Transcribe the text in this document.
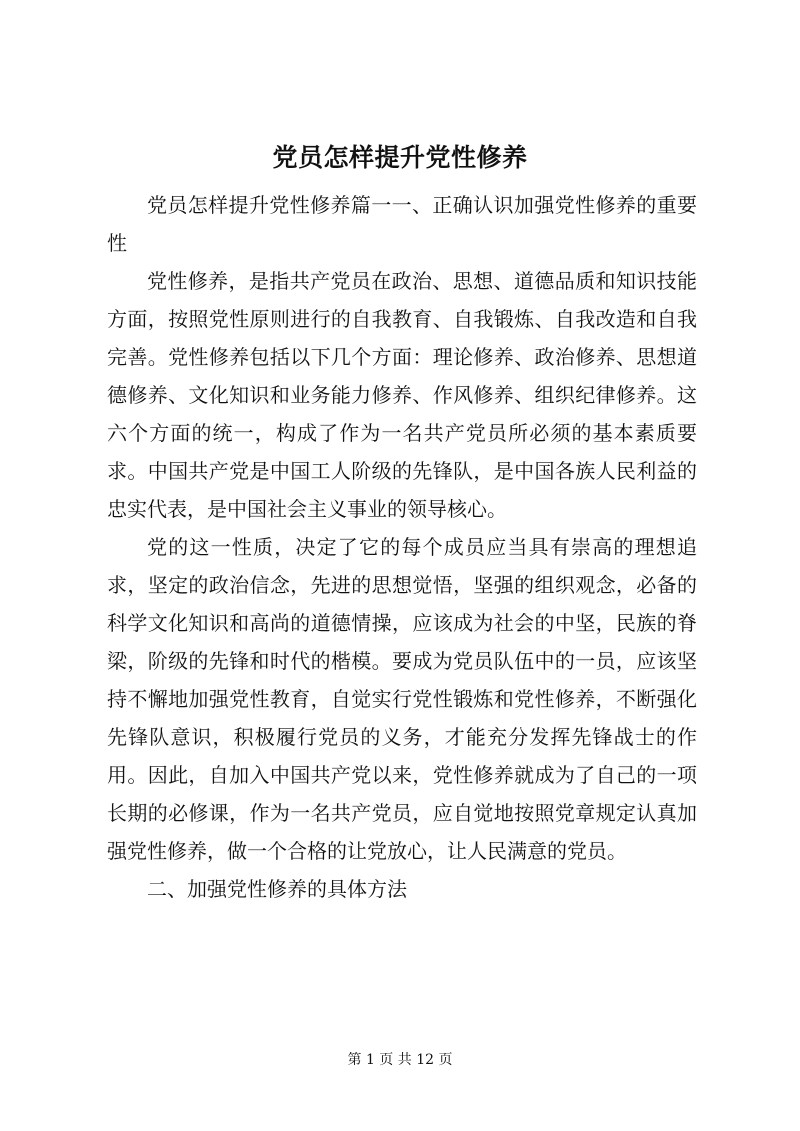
党员怎样提升党性修养

党员怎样提升党性修养篇一一、正确认识加强党性修养的重要性

党性修养，是指共产党员在政治、思想、道德品质和知识技能方面，按照党性原则进行的自我教育、自我锻炼、自我改造和自我完善。党性修养包括以下几个方面：理论修养、政治修养、思想道德修养、文化知识和业务能力修养、作风修养、组织纪律修养。这六个方面的统一，构成了作为一名共产党员所必须的基本素质要求。中国共产党是中国工人阶级的先锋队，是中国各族人民利益的忠实代表，是中国社会主义事业的领导核心。

党的这一性质，决定了它的每个成员应当具有崇高的理想追求，坚定的政治信念，先进的思想觉悟，坚强的组织观念，必备的科学文化知识和高尚的道德情操，应该成为社会的中坚，民族的脊梁，阶级的先锋和时代的楷模。要成为党员队伍中的一员，应该坚持不懈地加强党性教育，自觉实行党性锻炼和党性修养，不断强化先锋队意识，积极履行党员的义务，才能充分发挥先锋战士的作用。因此，自加入中国共产党以来，党性修养就成为了自己的一项长期的必修课，作为一名共产党员，应自觉地按照党章规定认真加强党性修养，做一个合格的让党放心，让人民满意的党员。

二、加强党性修养的具体方法

第 1 页 共 12 页
